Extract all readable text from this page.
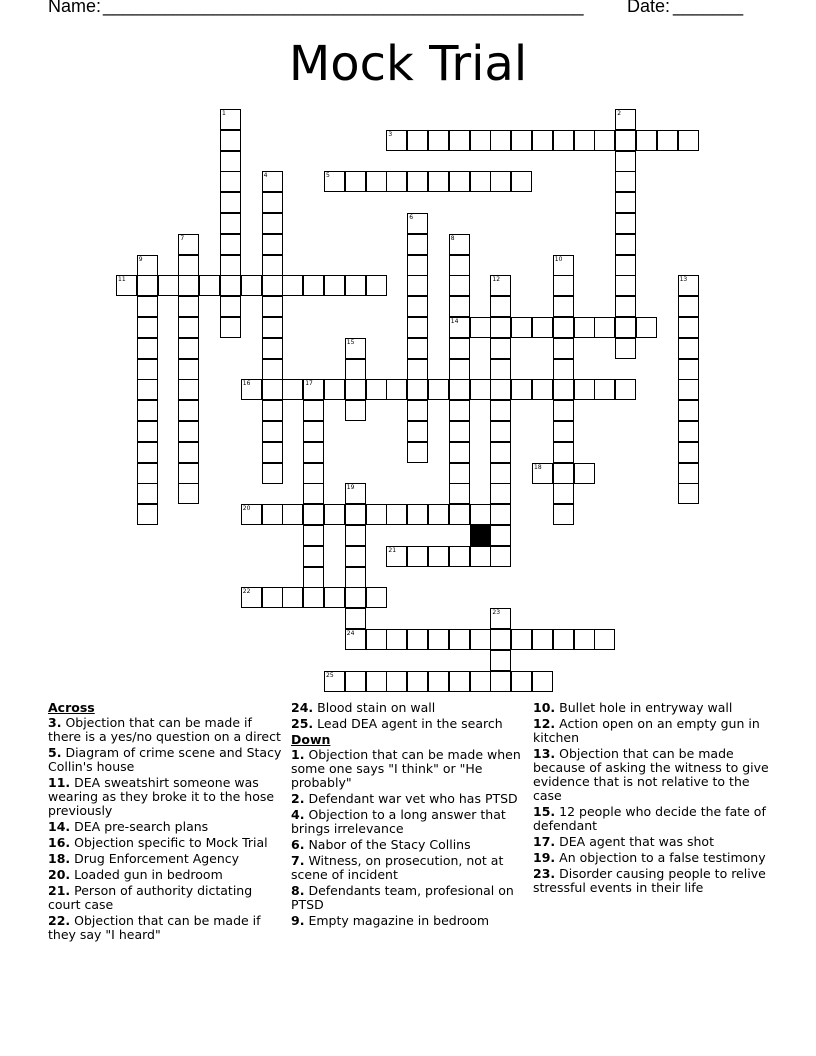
Name: ________________________________________________ Date: _______
Mock Trial
3
5
11
14
16
18
20
21
22
24
25
1	2
4
6
7	8
9	10
12	13
15
17
19
23
Across
3. Objection that can be made if there is a yes/no question on a direct
5. Diagram of crime scene and Stacy Collin's house
11. DEA sweatshirt someone was wearing as they broke it to the hose previously
14. DEA pre-search plans
16. Objection specific to Mock Trial
18. Drug Enforcement Agency
20. Loaded gun in bedroom
21. Person of authority dictating court case
22. Objection that can be made if they say "I heard"
24. Blood stain on wall
25. Lead DEA agent in the search
Down
1. Objection that can be made when some one says "I think" or "He probably"
2. Defendant war vet who has PTSD
4. Objection to a long answer that brings irrelevance
6. Nabor of the Stacy Collins
7. Witness, on prosecution, not at scene of incident
8. Defendants team, profesional on PTSD
9. Empty magazine in bedroom
10. Bullet hole in entryway wall
12. Action open on an empty gun in kitchen
13. Objection that can be made because of asking the witness to give evidence that is not relative to the case
15. 12 people who decide the fate of defendant
17. DEA agent that was shot
19. An objection to a false testimony
23. Disorder causing people to relive stressful events in their life
